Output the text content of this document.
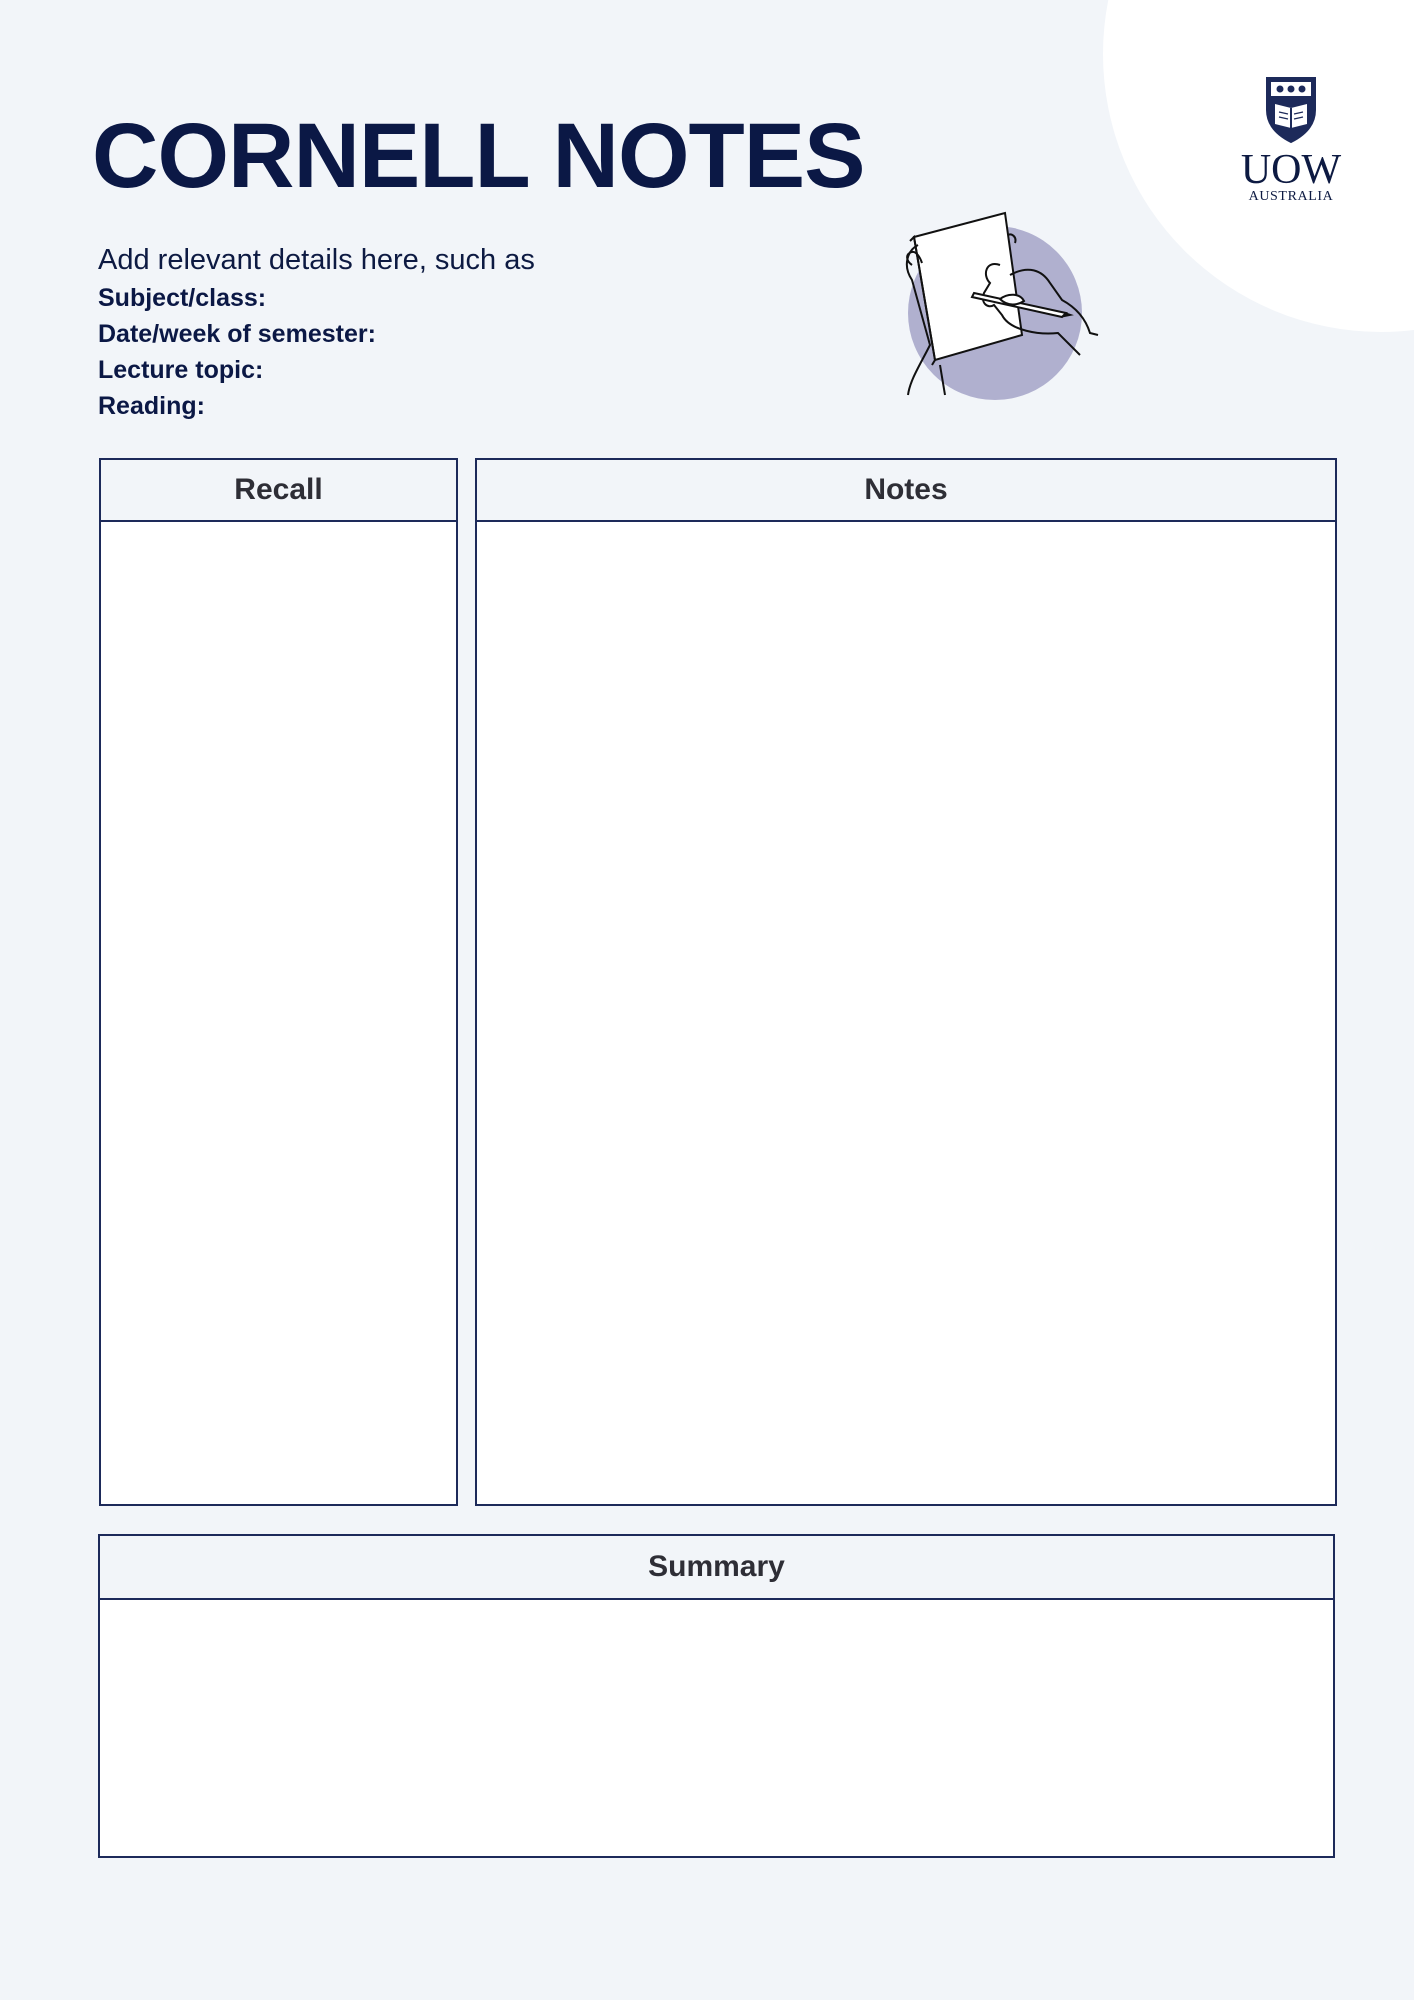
UOW
AUSTRALIA
CORNELL NOTES
Add relevant details here, such as
Subject/class:
Date/week of semester:
Lecture topic:
Reading:
Recall	Notes
Summary
